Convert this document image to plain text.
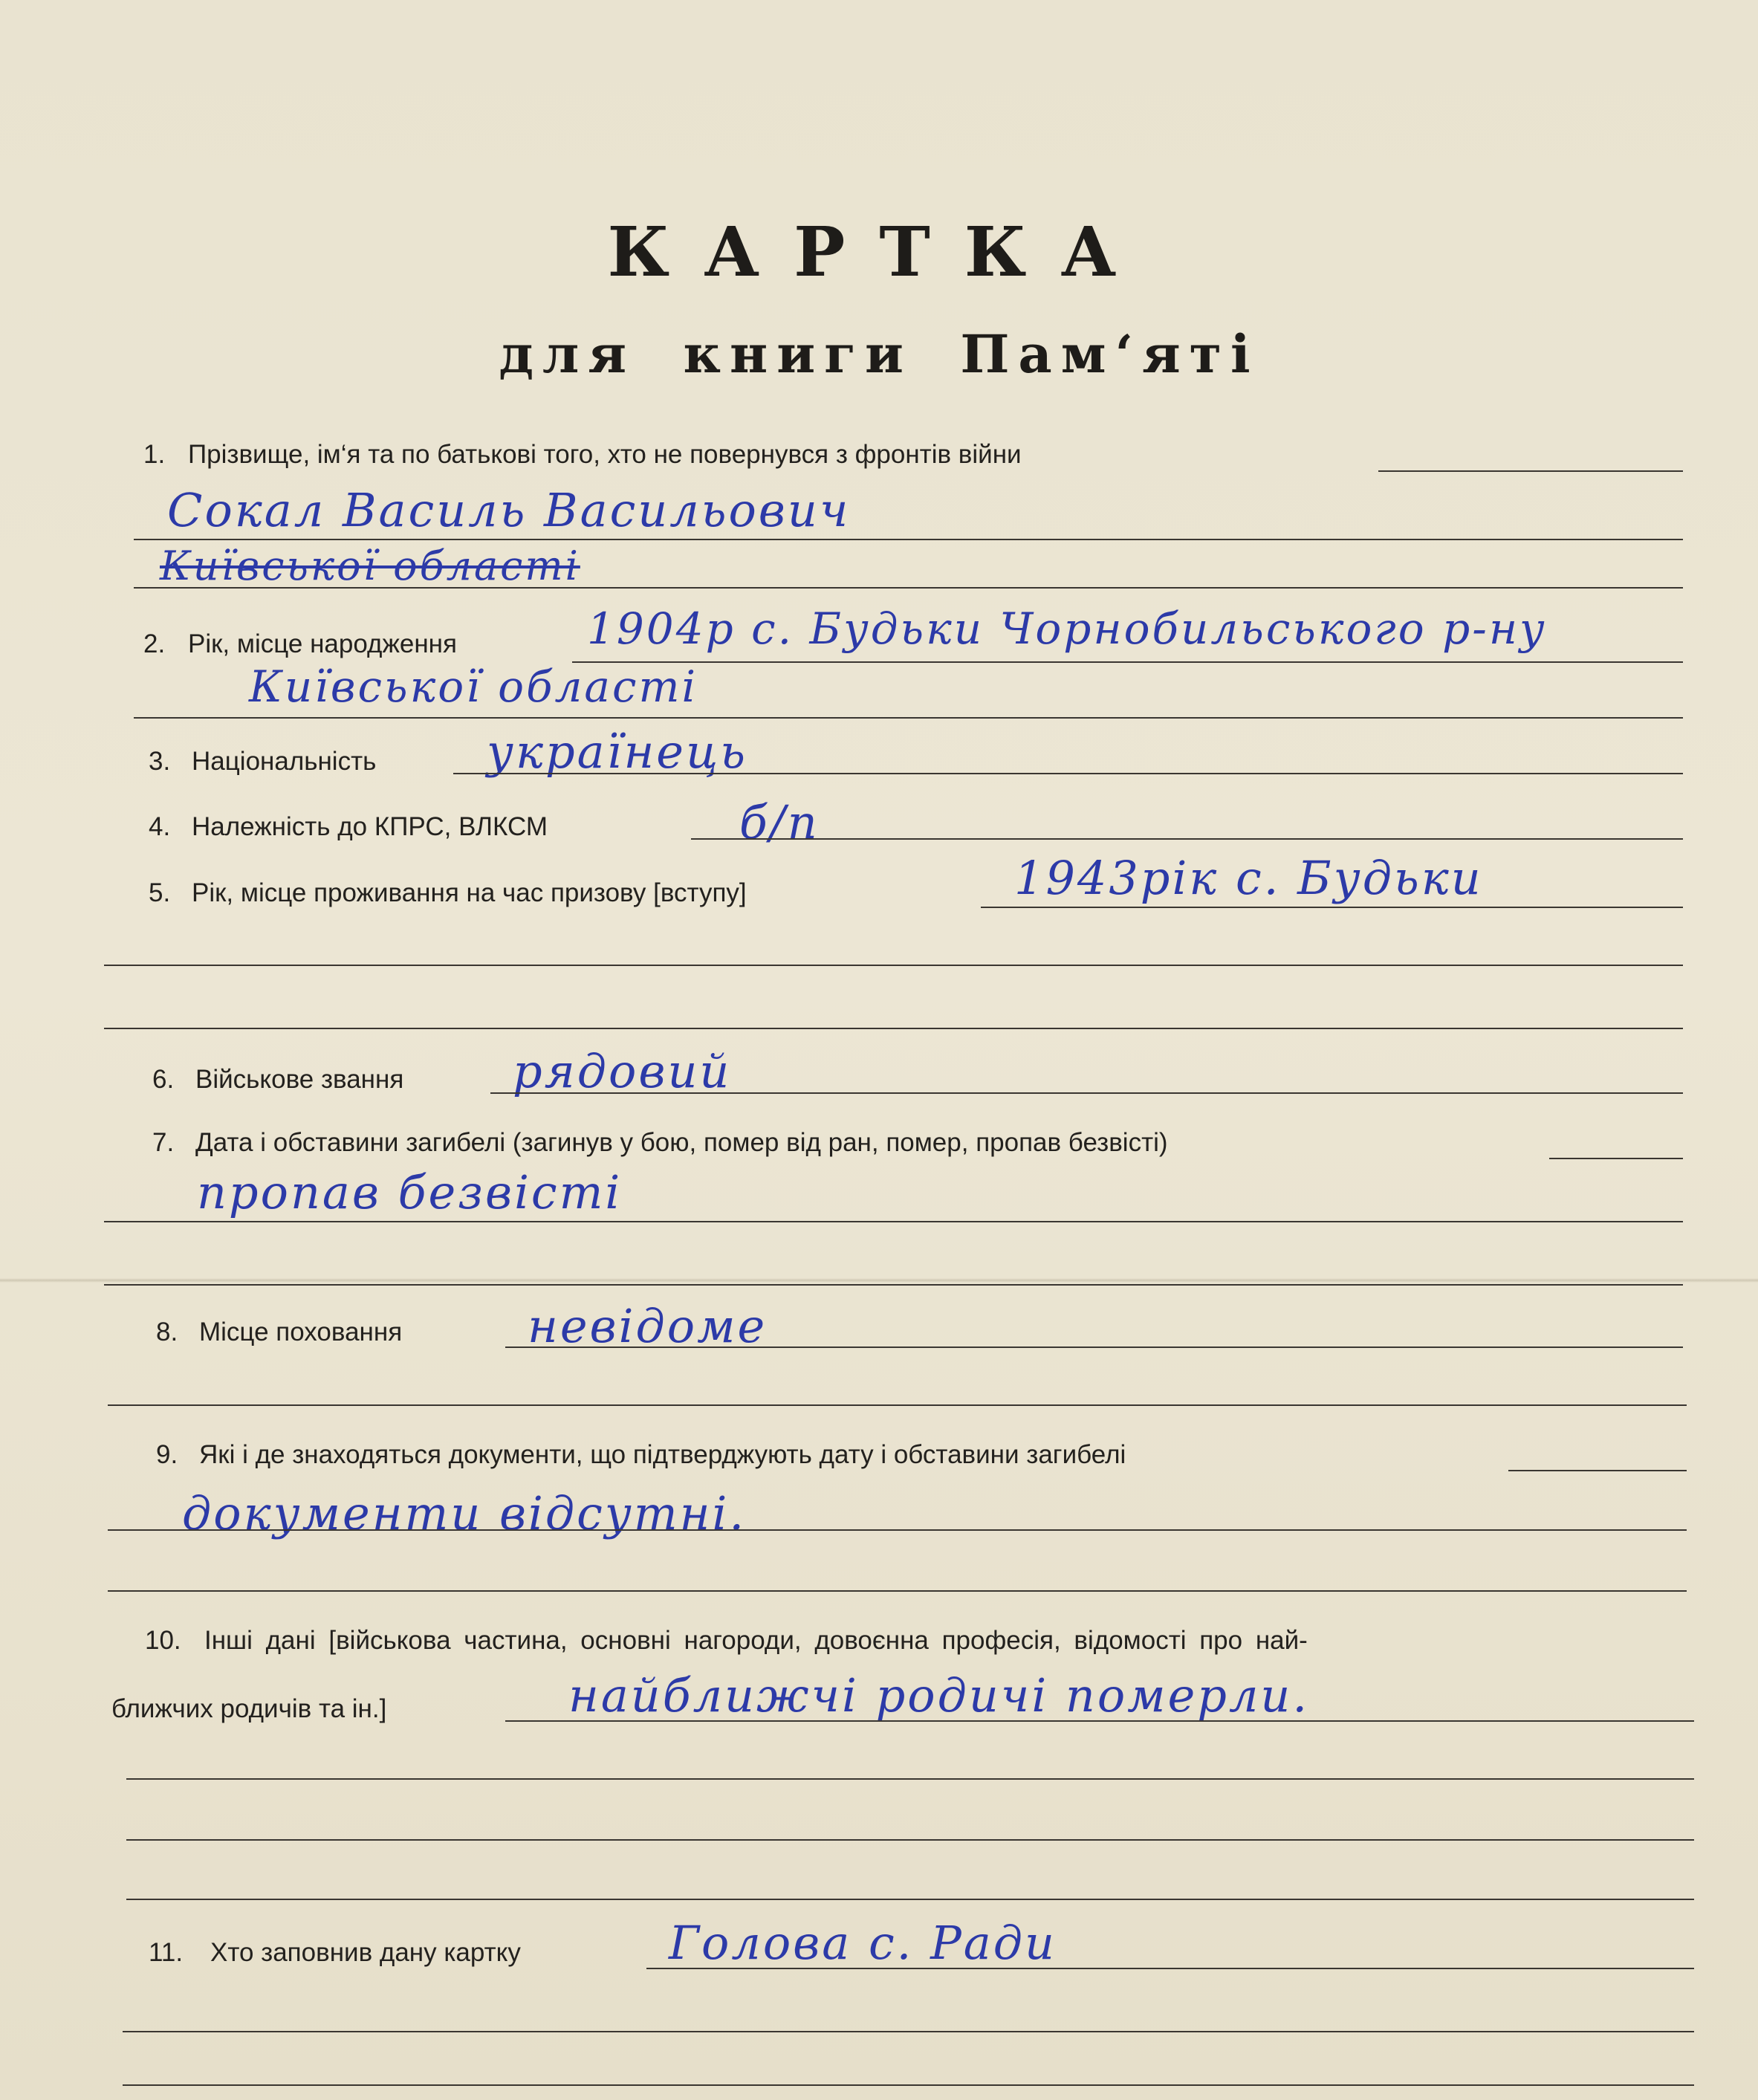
КАРТКА
для книги Пам‘яті
1. Прізвище, ім‘я та по батькові того, хто не повернувся з фронтів війни
Сокал Василь Васильович
Київської області
2. Рік, місце народження	1904р с. Будьки Чорнобильського р-ну
Київської області
3. Національність українець
4. Належність до КПРС, ВЛКСМ	б/п
5. Рік, місце проживання на час призову [вступу]	1943рік с. Будьки
6. Військове звання рядовий
7. Дата і обставини загибелі (загинув у бою, помер від ран, помер, пропав безвісті)
пропав безвісті
8. Місце поховання	невідоме
9. Які і де знаходяться документи, що підтверджують дату і обставини загибелі
документи відсутні.
10. Інші дані [військова частина, основні нагороди, довоєнна професія, відомості про най-
ближчих родичів та ін.]	найближчі родичі померли.
11. Хто заповнив дану картку	Голова с. Ради
